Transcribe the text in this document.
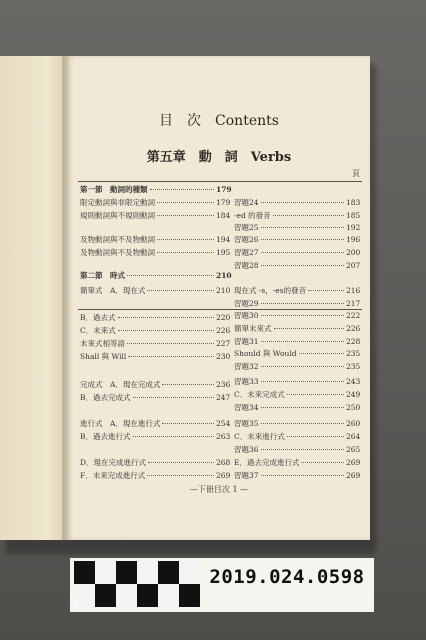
目　次　Contents
第五章　動　詞　Verbs
頁
第一節　動詞的種類	179
限定動詞與非限定動詞	179
規則動詞與不規則動詞	184
及物動詞與不及物動詞	194
及物動詞與不及物動詞	195
第二節　時式	210
簡單式　A．現在式	210
B．過去式	220
C．未來式	226
未來式相等語	227
Shall 與 Will	230
完成式　A．現在完成式	236
B．過去完成式	247
進行式　A．現在進行式	254
B．過去進行式	263
D．現在完成進行式	268
F．未來完成進行式	269
習題24	183
-ed 的發音	185
習題25	192
習題26	196
習題27	200
習題28	207
現在式 -s，-es的發音	216
習題29	217
習題30	222
簡單未來式	226
習題31	228
Should 與 Would	235
習題32	235
習題33	243
C．未來完成式	249
習題34	250
習題35	260
C．未來進行式	264
習題36	265
E．過去完成進行式	269
習題37	269
—下冊目次 1 —
0cm	5cm
2019.024.0598
